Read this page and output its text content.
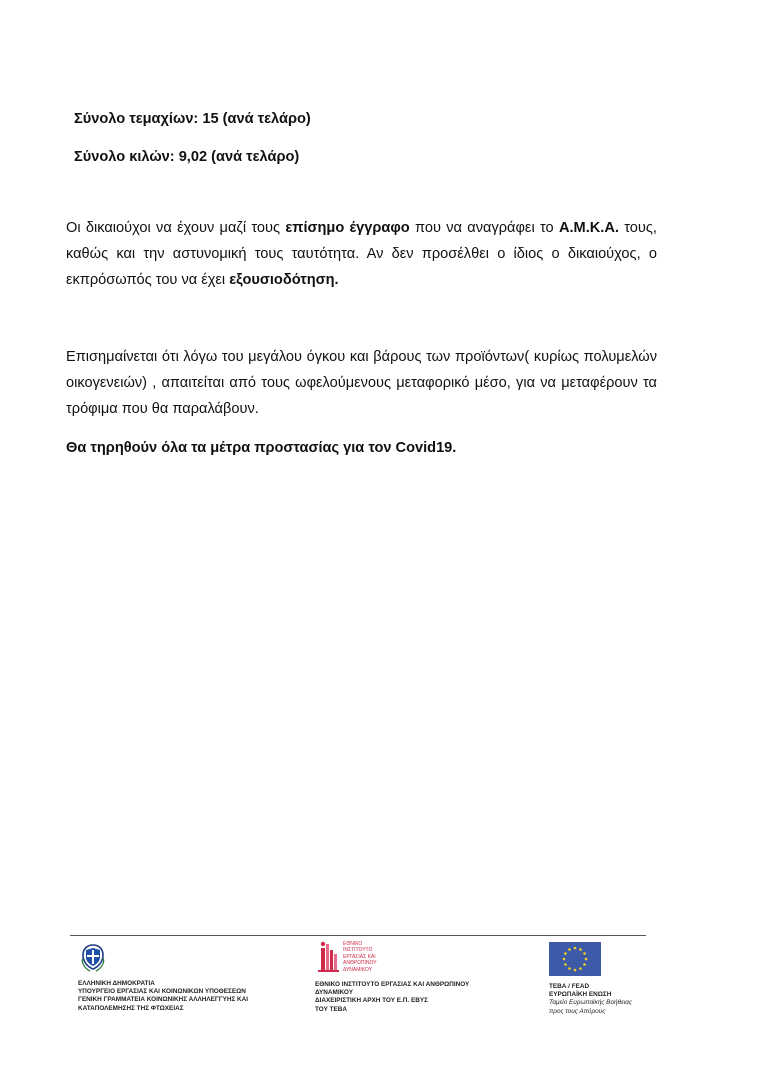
Σύνολο τεμαχίων: 15 (ανά τελάρο)
Σύνολο κιλών: 9,02 (ανά τελάρο)
Οι δικαιούχοι να έχουν μαζί τους επίσημο έγγραφο που να αναγράφει το Α.Μ.Κ.Α. τους, καθώς και την αστυνομική τους ταυτότητα. Αν δεν προσέλθει ο ίδιος ο δικαιούχος, ο εκπρόσωπός του να έχει εξουσιοδότηση.
Επισημαίνεται ότι λόγω του μεγάλου όγκου και βάρους των προϊόντων( κυρίως πολυμελών οικογενειών) , απαιτείται από τους ωφελούμενους μεταφορικό μέσο, για να μεταφέρουν τα τρόφιμα που θα παραλάβουν.
Θα τηρηθούν όλα τα μέτρα προστασίας για τον Covid19.
ΕΛΛΗΝΙΚΗ ΔΗΜΟΚΡΑΤΙΑ
ΥΠΟΥΡΓΕΙΟ ΕΡΓΑΣΙΑΣ ΚΑΙ ΚΟΙΝΩΝΙΚΩΝ ΥΠΟΘΕΣΕΩΝ
ΓΕΝΙΚΗ ΓΡΑΜΜΑΤΕΙΑ ΚΟΙΝΩΝΙΚΗΣ ΑΛΛΗΛΕΓΓΥΗΣ ΚΑΙ
ΚΑΤΑΠΟΛΕΜΗΣΗΣ ΤΗΣ ΦΤΩΧΕΙΑΣ
ΕΘΝΙΚΟ ΙΝΣΤΙΤΟΥΤΟ ΕΡΓΑΣΙΑΣ ΚΑΙ ΑΝΘΡΩΠΙΝΟΥ ΔΥΝΑΜΙΚΟΥ
ΕΘΝΙΚΟ ΙΝΣΤΙΤΟΥΤΟ ΕΡΓΑΣΙΑΣ ΚΑΙ ΑΝΘΡΩΠΙΝΟΥ
ΔΥΝΑΜΙΚΟΥ
ΔΙΑΧΕΙΡΙΣΤΙΚΗ ΑΡΧΗ ΤΟΥ Ε.Π. ΕΒΥΣ
ΤΟΥ ΤΕΒΑ
ΤΕΒΑ / FEAD
ΕΥΡΩΠΑΪΚΗ ΕΝΩΣΗ
Ταμείο Ευρωπαϊκής Βοήθειας
προς τους Απόρους
